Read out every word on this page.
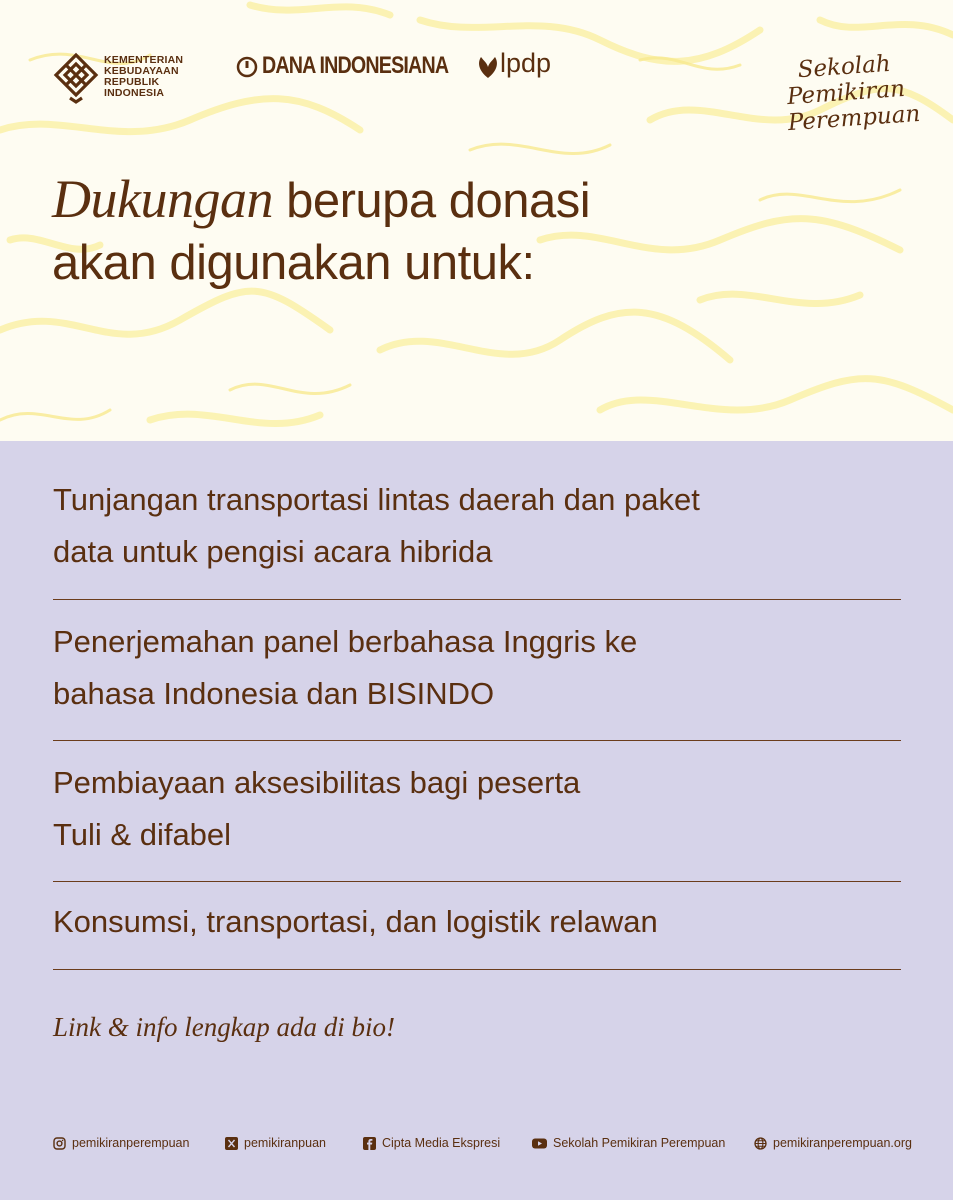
KEMENTERIAN
KEBUDAYAAN
REPUBLIK
INDONESIA
DANA INDONESIANA lpdp	Sekolah
Pemikiran
Perempuan
Dukungan berupa donasi
akan digunakan untuk:
Tunjangan transportasi lintas daerah dan paket
data untuk pengisi acara hibrida
Penerjemahan panel berbahasa Inggris ke
bahasa Indonesia dan BISINDO
Pembiayaan aksesibilitas bagi peserta
Tuli & difabel
Konsumsi, transportasi, dan logistik relawan
Link & info lengkap ada di bio!
pemikiranperempuan	pemikiranpuan	Cipta Media Ekspresi	Sekolah Pemikiran Perempuan	pemikiranperempuan.org
